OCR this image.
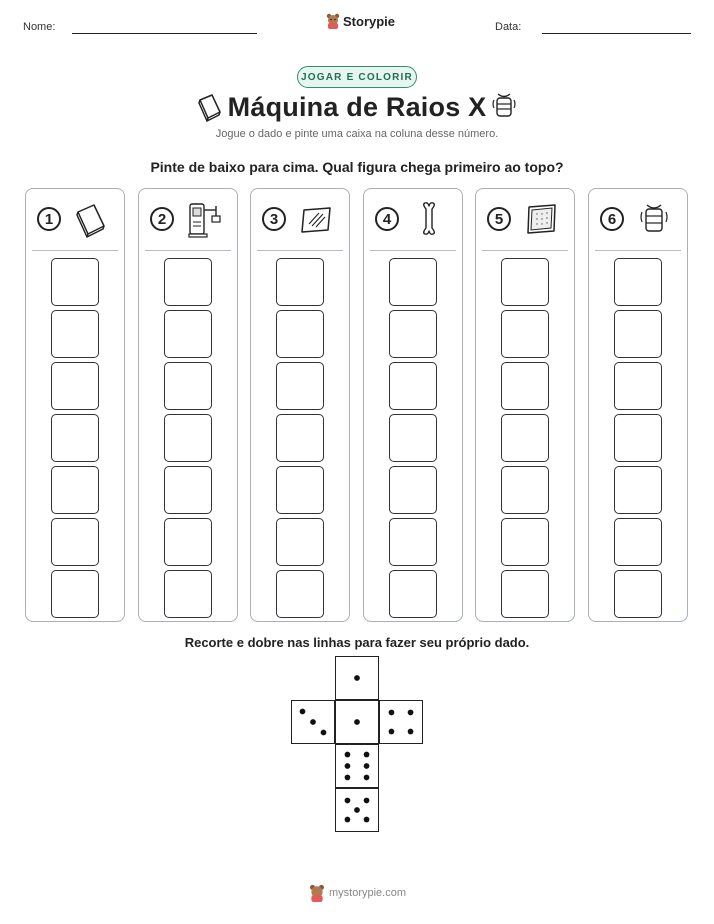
Nome:	Storypie	Data:
JOGAR E COLORIR
Máquina de Raios X
Jogue o dado e pinte uma caixa na coluna desse número.
Pinte de baixo para cima. Qual figura chega primeiro ao topo?
1	2	3	4	5	6
Recorte e dobre nas linhas para fazer seu próprio dado.
mystorypie.com
